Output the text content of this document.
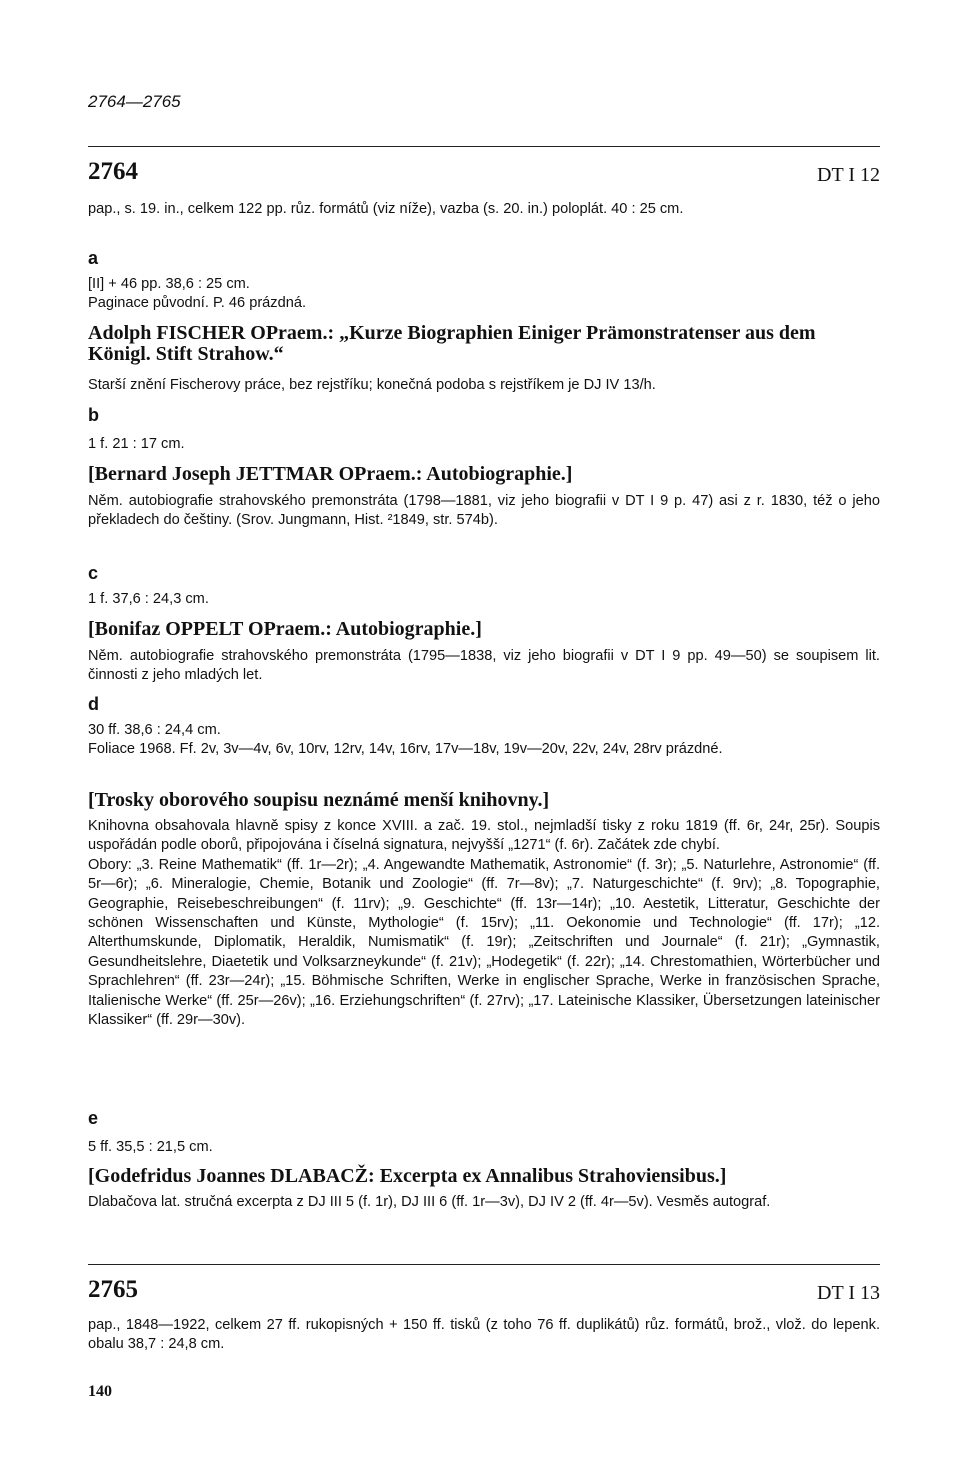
2764—2765
2764	DT I 12

pap., s. 19. in., celkem 122 pp. růz. formátů (viz níže), vazba (s. 20. in.) poloplát. 40 : 25 cm.

a

[II] + 46 pp. 38,6 : 25 cm.
Paginace původní. P. 46 prázdná.

Adolph FISCHER OPraem.: „Kurze Biographien Einiger Prämonstratenser aus dem Königl. Stift Strahow.“

Starší znění Fischerovy práce, bez rejstříku; konečná podoba s rejstříkem je DJ IV 13/h.

b

1 f. 21 : 17 cm.

[Bernard Joseph JETTMAR OPraem.: Autobiographie.]

Něm. autobiografie strahovského premonstráta (1798—1881, viz jeho biografii v DT I 9 p. 47) asi z r. 1830, též o jeho překladech do češtiny. (Srov. Jungmann, Hist. ²1849, str. 574b).

c

1 f. 37,6 : 24,3 cm.

[Bonifaz OPPELT OPraem.: Autobiographie.]

Něm. autobiografie strahovského premonstráta (1795—1838, viz jeho biografii v DT I 9 pp. 49—50) se soupisem lit. činnosti z jeho mladých let.

d

30 ff. 38,6 : 24,4 cm.
Foliace 1968. Ff. 2v, 3v—4v, 6v, 10rv, 12rv, 14v, 16rv, 17v—18v, 19v—20v, 22v, 24v, 28rv prázdné.

[Trosky oborového soupisu neznámé menší knihovny.]

Knihovna obsahovala hlavně spisy z konce XVIII. a zač. 19. stol., nejmladší tisky z roku 1819 (ff. 6r, 24r, 25r). Soupis uspořádán podle oborů, připojována i číselná signatura, nejvyšší „1271“ (f. 6r). Začátek zde chybí.
Obory: „3. Reine Mathematik“ (ff. 1r—2r); „4. Angewandte Mathematik, Astronomie“ (f. 3r); „5. Naturlehre, Astronomie“ (ff. 5r—6r); „6. Mineralogie, Chemie, Botanik und Zoologie“ (ff. 7r—8v); „7. Naturgeschichte“ (f. 9rv); „8. Topographie, Geographie, Reisebeschreibungen“ (f. 11rv); „9. Geschichte“ (ff. 13r—14r); „10. Aestetik, Litteratur, Geschichte der schönen Wissenschaften und Künste, Mythologie“ (f. 15rv); „11. Oekonomie und Technologie“ (ff. 17r); „12. Alterthumskunde, Diplomatik, Heraldik, Numismatik“ (f. 19r); „Zeitschriften und Journale“ (f. 21r); „Gymnastik, Gesundheitslehre, Diaetetik und Volksarzneykunde“ (f. 21v); „Hodegetik“ (f. 22r); „14. Chrestomathien, Wörterbücher und Sprachlehren“ (ff. 23r—24r); „15. Böhmische Schriften, Werke in englischer Sprache, Werke in französischen Sprache, Italienische Werke“ (ff. 25r—26v); „16. Erziehungschriften“ (f. 27rv); „17. Lateinische Klassiker, Übersetzungen lateinischer Klassiker“ (ff. 29r—30v).

e

5 ff. 35,5 : 21,5 cm.

[Godefridus Joannes DLABACŽ: Excerpta ex Annalibus Strahoviensibus.]

Dlabačova lat. stručná excerpta z DJ III 5 (f. 1r), DJ III 6 (ff. 1r—3v), DJ IV 2 (ff. 4r—5v). Vesměs autograf.

2765	DT I 13

pap., 1848—1922, celkem 27 ff. rukopisných + 150 ff. tisků (z toho 76 ff. duplikátů) růz. formátů, brož., vlož. do lepenk. obalu 38,7 : 24,8 cm.

140
